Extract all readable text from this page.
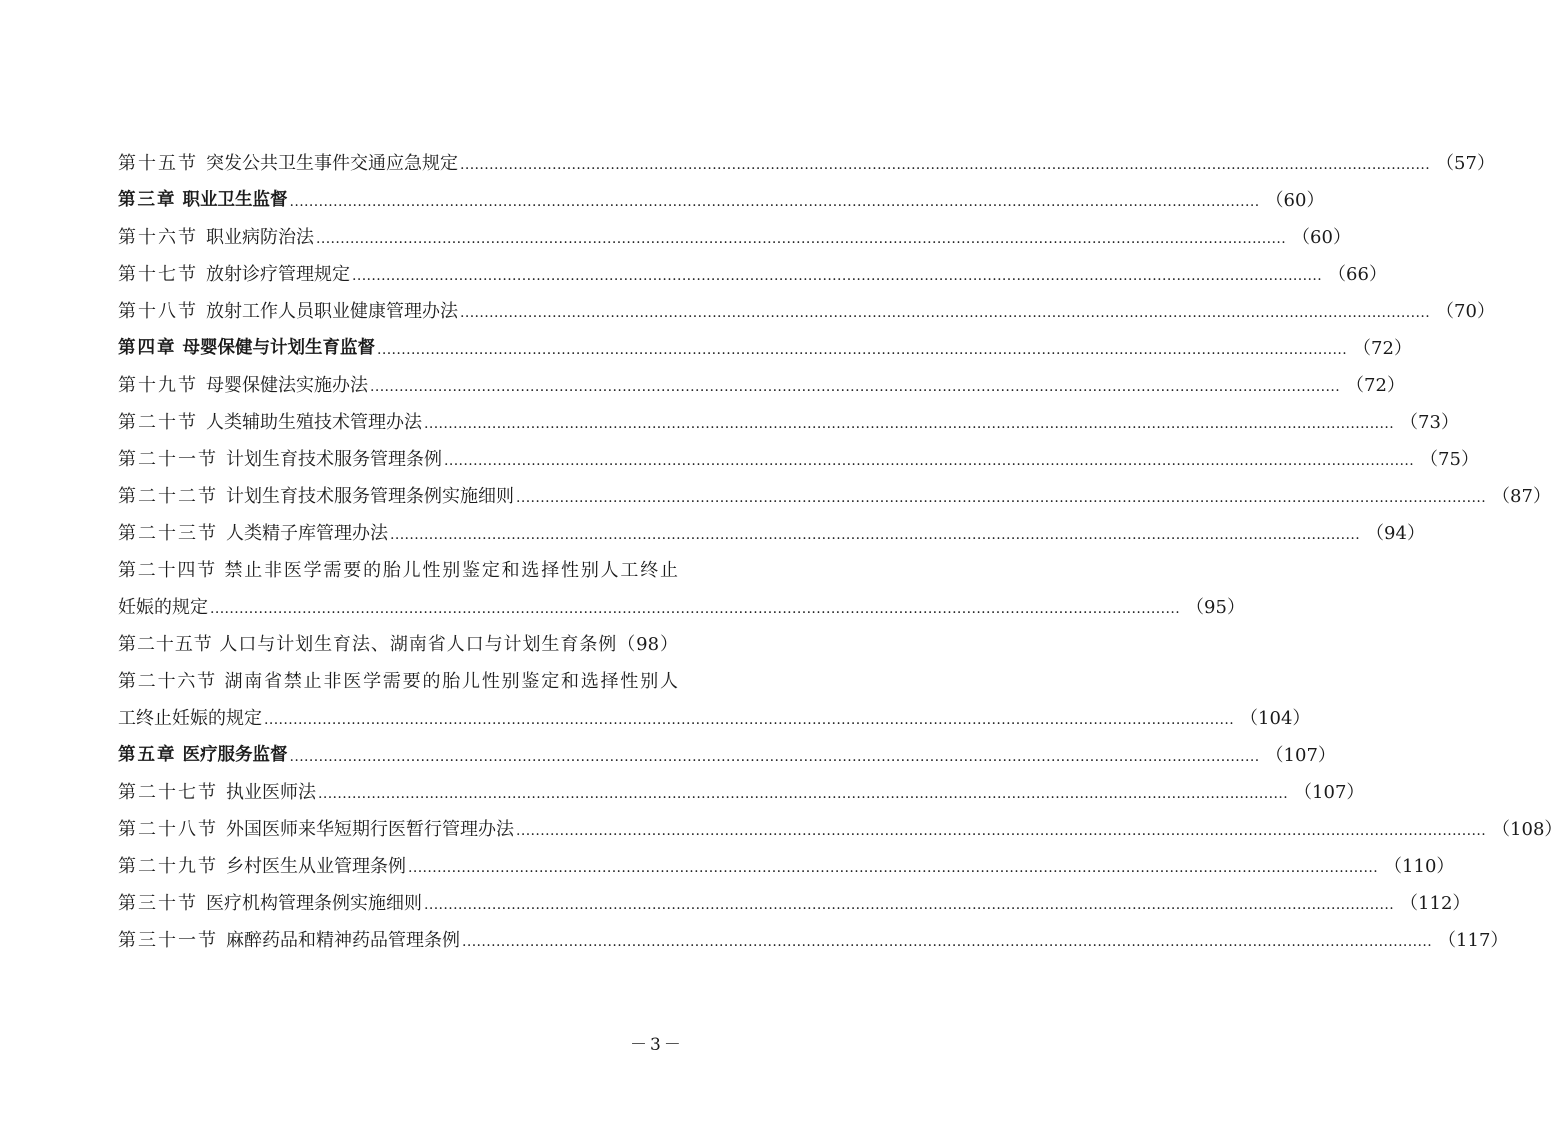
第十五节 突发公共卫生事件交通应急规定 ........................................................................................................................................................................................................ （57）
第三章 职业卫生监督 ........................................................................................................................................................................................................ （60）
第十六节 职业病防治法 ........................................................................................................................................................................................................ （60）
第十七节 放射诊疗管理规定 ........................................................................................................................................................................................................ （66）
第十八节 放射工作人员职业健康管理办法 ........................................................................................................................................................................................................ （70）
第四章 母婴保健与计划生育监督 ........................................................................................................................................................................................................ （72）
第十九节 母婴保健法实施办法 ........................................................................................................................................................................................................ （72）
第二十节 人类辅助生殖技术管理办法 ........................................................................................................................................................................................................ （73）
第二十一节 计划生育技术服务管理条例 ........................................................................................................................................................................................................ （75）
第二十二节 计划生育技术服务管理条例实施细则 ........................................................................................................................................................................................................ （87）
第二十三节 人类精子库管理办法 ........................................................................................................................................................................................................ （94）
第二十四节 禁止非医学需要的胎儿性别鉴定和选择性别人工终止
妊娠的规定 ........................................................................................................................................................................................................ （95）
第二十五节 人口与计划生育法、湖南省人口与计划生育条例（98）
第二十六节 湖南省禁止非医学需要的胎儿性别鉴定和选择性别人
工终止妊娠的规定 ........................................................................................................................................................................................................ （104）
第五章 医疗服务监督 ........................................................................................................................................................................................................ （107）
第二十七节 执业医师法 ........................................................................................................................................................................................................ （107）
第二十八节 外国医师来华短期行医暂行管理办法 ........................................................................................................................................................................................................ （108）
第二十九节 乡村医生从业管理条例 ........................................................................................................................................................................................................ （110）
第三十节 医疗机构管理条例实施细则 ........................................................................................................................................................................................................ （112）
第三十一节 麻醉药品和精神药品管理条例 ........................................................................................................................................................................................................ （117）
－3－
